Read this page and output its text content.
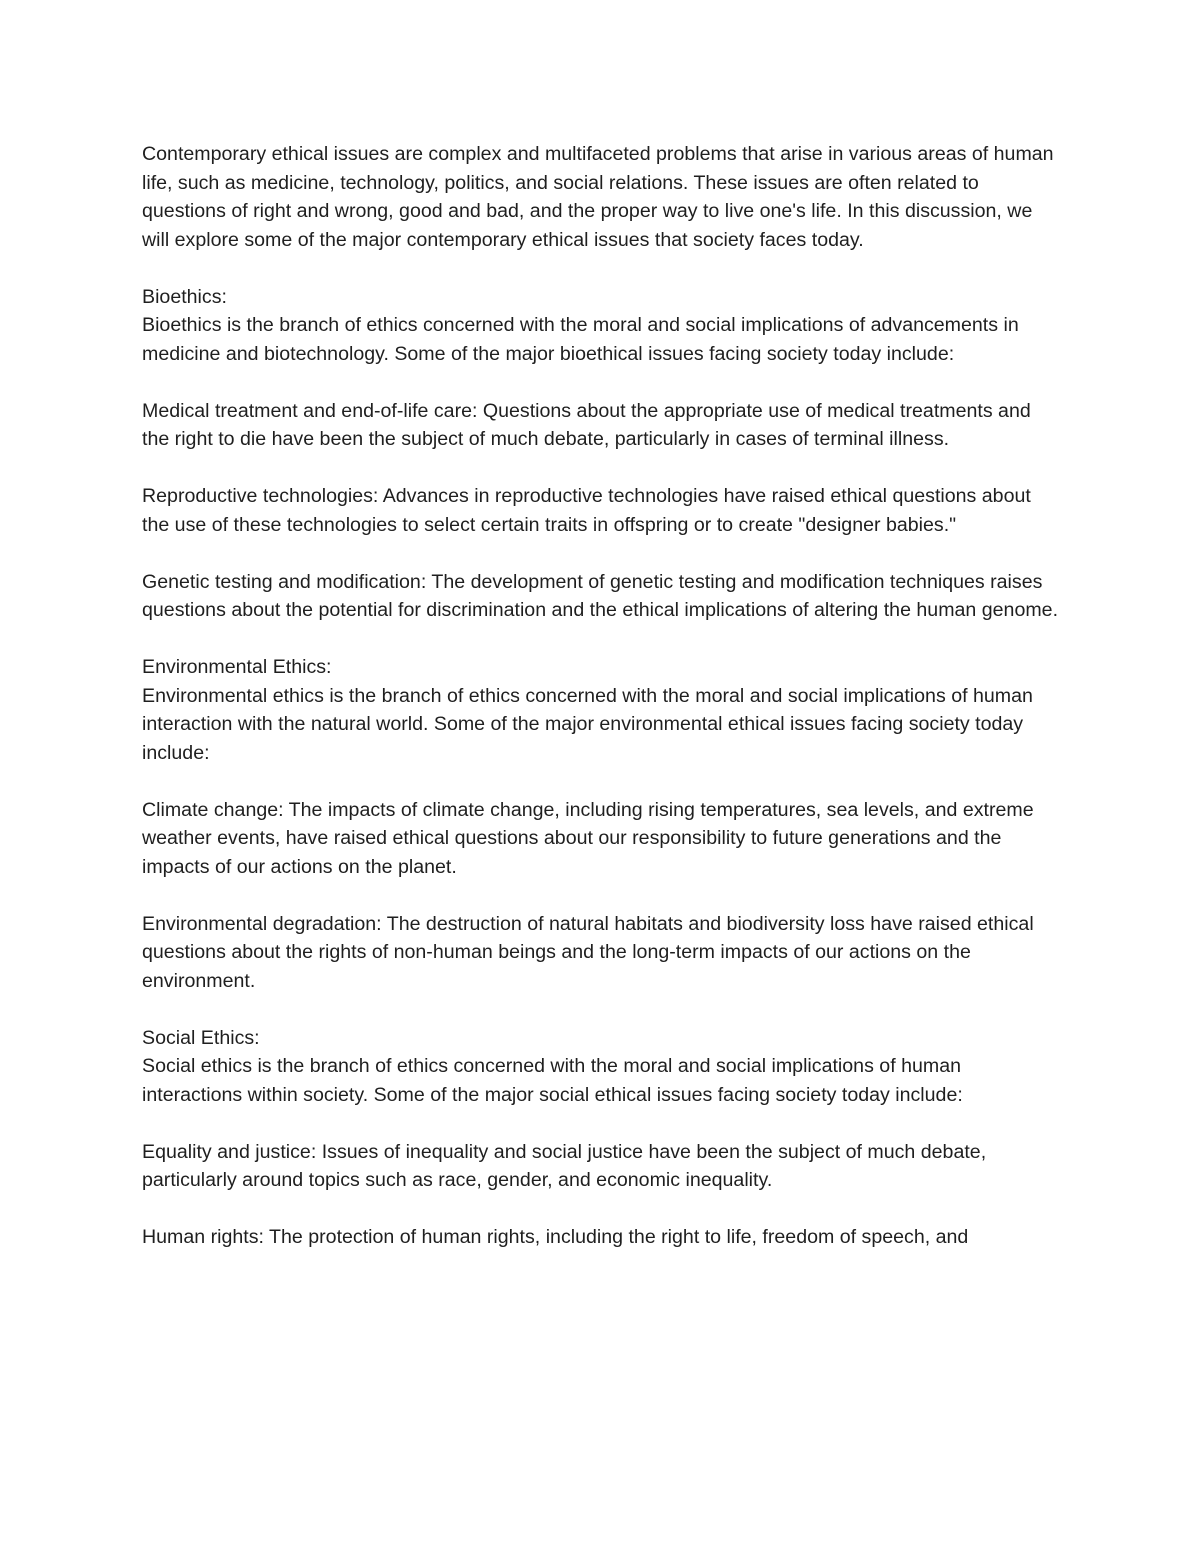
Contemporary ethical issues are complex and multifaceted problems that arise in various areas of human life, such as medicine, technology, politics, and social relations. These issues are often related to questions of right and wrong, good and bad, and the proper way to live one's life. In this discussion, we will explore some of the major contemporary ethical issues that society faces today.

Bioethics:

Bioethics is the branch of ethics concerned with the moral and social implications of advancements in medicine and biotechnology. Some of the major bioethical issues facing society today include:

Medical treatment and end-of-life care: Questions about the appropriate use of medical treatments and the right to die have been the subject of much debate, particularly in cases of terminal illness.

Reproductive technologies: Advances in reproductive technologies have raised ethical questions about the use of these technologies to select certain traits in offspring or to create "designer babies."

Genetic testing and modification: The development of genetic testing and modification techniques raises questions about the potential for discrimination and the ethical implications of altering the human genome.

Environmental Ethics:

Environmental ethics is the branch of ethics concerned with the moral and social implications of human interaction with the natural world. Some of the major environmental ethical issues facing society today include:

Climate change: The impacts of climate change, including rising temperatures, sea levels, and extreme weather events, have raised ethical questions about our responsibility to future generations and the impacts of our actions on the planet.

Environmental degradation: The destruction of natural habitats and biodiversity loss have raised ethical questions about the rights of non-human beings and the long-term impacts of our actions on the environment.

Social Ethics:

Social ethics is the branch of ethics concerned with the moral and social implications of human interactions within society. Some of the major social ethical issues facing society today include:

Equality and justice: Issues of inequality and social justice have been the subject of much debate, particularly around topics such as race, gender, and economic inequality.

Human rights: The protection of human rights, including the right to life, freedom of speech, and
